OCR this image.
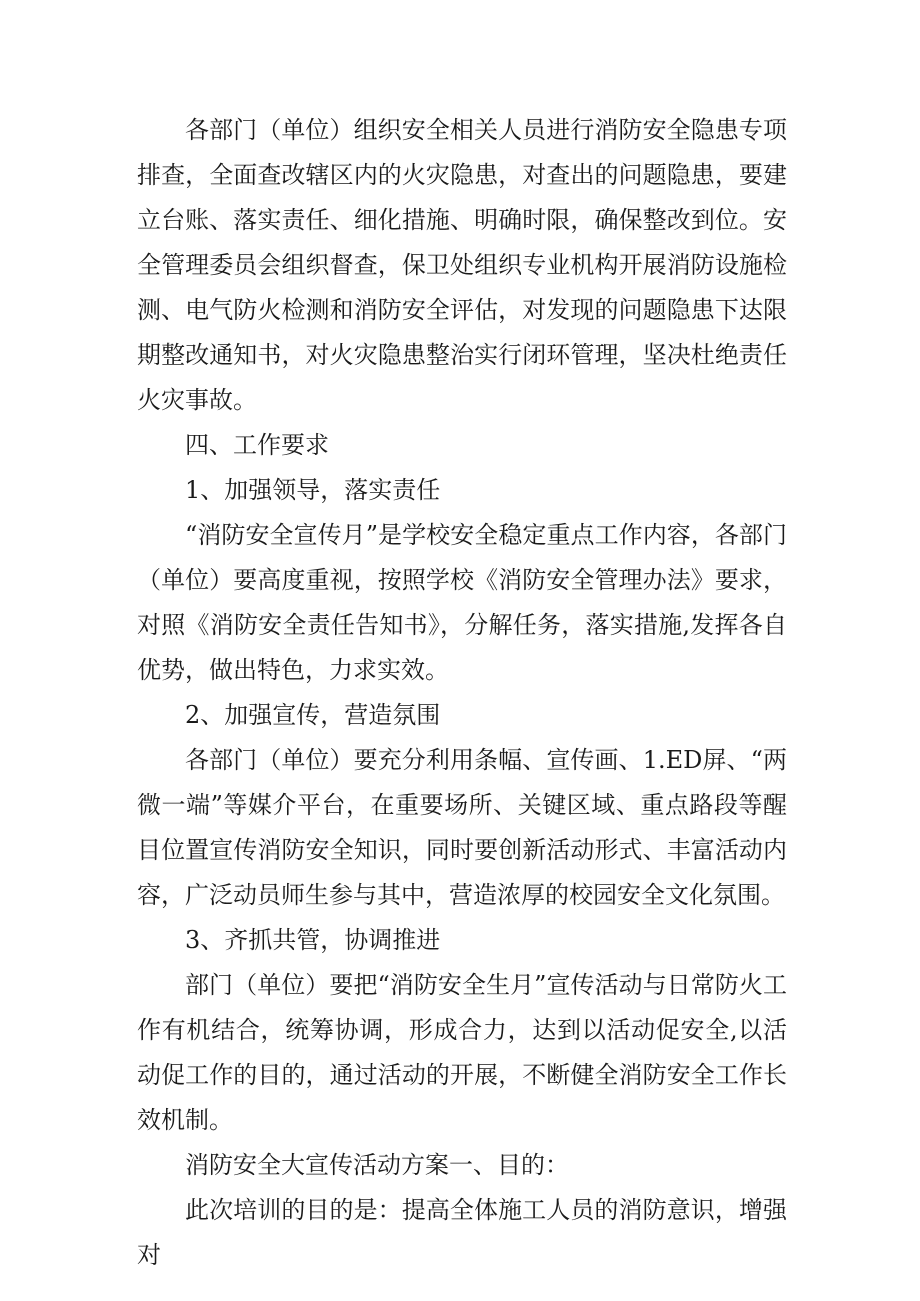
各部门（单位）组织安全相关人员进行消防安全隐患专项排查，全面查改辖区内的火灾隐患，对查出的问题隐患，要建立台账、落实责任、细化措施、明确时限，确保整改到位。安全管理委员会组织督查，保卫处组织专业机构开展消防设施检测、电气防火检测和消防安全评估，对发现的问题隐患下达限期整改通知书，对火灾隐患整治实行闭环管理，坚决杜绝责任火灾事故。

四、工作要求

1、加强领导，落实责任

“消防安全宣传月”是学校安全稳定重点工作内容，各部门（单位）要高度重视，按照学校《消防安全管理办法》要求，对照《消防安全责任告知书》，分解任务，落实措施,发挥各自优势，做出特色，力求实效。

2、加强宣传，营造氛围

各部门（单位）要充分利用条幅、宣传画、1.ED屏、“两微一端”等媒介平台，在重要场所、关键区域、重点路段等醒目位置宣传消防安全知识，同时要创新活动形式、丰富活动内容，广泛动员师生参与其中，营造浓厚的校园安全文化氛围。

3、齐抓共管，协调推进

部门（单位）要把“消防安全生月”宣传活动与日常防火工作有机结合，统筹协调，形成合力，达到以活动促安全,以活动促工作的目的，通过活动的开展，不断健全消防安全工作长效机制。

消防安全大宣传活动方案一、目的：

此次培训的目的是：提高全体施工人员的消防意识，增强对
